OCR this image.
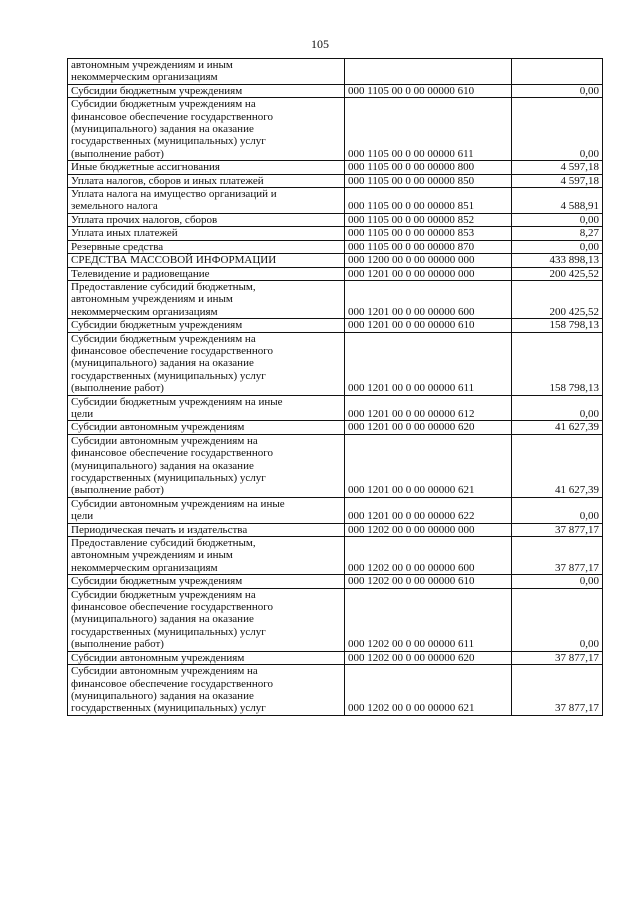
105
автономным учреждениям и иным
некоммерческим организациям		

Субсидии бюджетным учреждениям	000 1105 00 0 00 00000 610	0,00

Субсидии бюджетным учреждениям на
финансовое обеспечение государственного
(муниципального) задания на оказание
государственных (муниципальных) услуг
(выполнение работ)	000 1105 00 0 00 00000 611	0,00

Иные бюджетные ассигнования	000 1105 00 0 00 00000 800	4 597,18

Уплата налогов, сборов и иных платежей	000 1105 00 0 00 00000 850	4 597,18

Уплата налога на имущество организаций и
земельного налога	000 1105 00 0 00 00000 851	4 588,91

Уплата прочих налогов, сборов	000 1105 00 0 00 00000 852	0,00

Уплата иных платежей	000 1105 00 0 00 00000 853	8,27

Резервные средства	000 1105 00 0 00 00000 870	0,00

СРЕДСТВА МАССОВОЙ ИНФОРМАЦИИ	000 1200 00 0 00 00000 000	433 898,13

Телевидение и радиовещание	000 1201 00 0 00 00000 000	200 425,52

Предоставление субсидий бюджетным,
автономным учреждениям и иным
некоммерческим организациям	000 1201 00 0 00 00000 600	200 425,52

Субсидии бюджетным учреждениям	000 1201 00 0 00 00000 610	158 798,13

Субсидии бюджетным учреждениям на
финансовое обеспечение государственного
(муниципального) задания на оказание
государственных (муниципальных) услуг
(выполнение работ)	000 1201 00 0 00 00000 611	158 798,13

Субсидии бюджетным учреждениям на иные
цели	000 1201 00 0 00 00000 612	0,00

Субсидии автономным учреждениям	000 1201 00 0 00 00000 620	41 627,39

Субсидии автономным учреждениям на
финансовое обеспечение государственного
(муниципального) задания на оказание
государственных (муниципальных) услуг
(выполнение работ)	000 1201 00 0 00 00000 621	41 627,39

Субсидии автономным учреждениям на иные
цели	000 1201 00 0 00 00000 622	0,00

Периодическая печать и издательства	000 1202 00 0 00 00000 000	37 877,17

Предоставление субсидий бюджетным,
автономным учреждениям и иным
некоммерческим организациям	000 1202 00 0 00 00000 600	37 877,17

Субсидии бюджетным учреждениям	000 1202 00 0 00 00000 610	0,00

Субсидии бюджетным учреждениям на
финансовое обеспечение государственного
(муниципального) задания на оказание
государственных (муниципальных) услуг
(выполнение работ)	000 1202 00 0 00 00000 611	0,00

Субсидии автономным учреждениям	000 1202 00 0 00 00000 620	37 877,17

Субсидии автономным учреждениям на
финансовое обеспечение государственного
(муниципального) задания на оказание
государственных (муниципальных) услуг	000 1202 00 0 00 00000 621	37 877,17
